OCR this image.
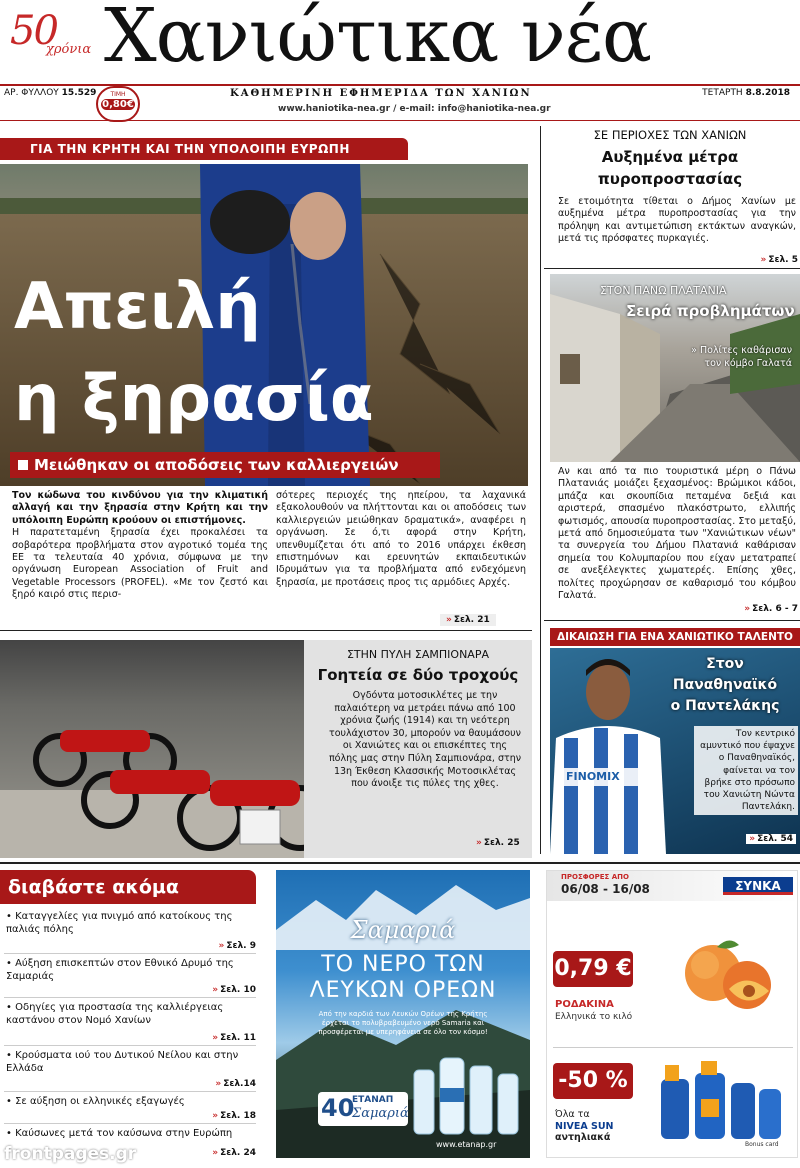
50
χρόνια Χανιώτικα νέα
ΑΡ. ΦΥΛΛΟΥ 15.529	ΤΙΜΗ
0,80€
ΚΑΘΗΜΕΡΙΝΗ ΕΦΗΜΕΡΙΔΑ ΤΩΝ ΧΑΝΙΩΝ
www.haniotika-nea.gr / e-mail: info@haniotika-nea.gr
ΤΕΤΑΡΤΗ 8.8.2018
ΓΙΑ ΤΗΝ ΚΡΗΤΗ ΚΑΙ ΤΗΝ ΥΠΟΛΟΙΠΗ ΕΥΡΩΠΗ
Απειλή
η ξηρασία
Μειώθηκαν οι αποδόσεις των καλλιεργειών

Τον κώδωνα του κινδύνου για την κλιματική αλλαγή και την ξηρασία στην Κρήτη και την υπόλοιπη Ευρώπη κρούουν οι επιστήμονες.

Η παρατεταμένη ξηρασία έχει προκαλέσει τα σοβαρότερα προβλήματα στον αγροτικό τομέα της ΕΕ τα τελευταία 40 χρόνια, σύμφωνα με την οργάνωση European Association of Fruit and Vegetable Processors (PROFEL). «Με τον ζεστό και ξηρό καιρό στις περισ-

σότερες περιοχές της ηπείρου, τα λαχανικά εξακολουθούν να πλήττονται και οι αποδόσεις των καλλιεργειών μειώθηκαν δραματικά», αναφέρει η οργάνωση. Σε ό,τι αφορά στην Κρήτη, υπενθυμίζεται ότι από το 2016 υπάρχει έκθεση επιστημόνων και ερευνητών εκπαιδευτικών Ιδρυμάτων για τα προβλήματα από ενδεχόμενη ξηρασία, με προτάσεις προς τις αρμόδιες Αρχές.

» Σελ. 21
ΣΕ ΠΕΡΙΟΧΕΣ ΤΩΝ ΧΑΝΙΩΝ
Αυξημένα μέτρα
πυροπροστασίας

Σε ετοιμότητα τίθεται ο Δήμος Χανίων με αυξημένα μέτρα πυροπροστασίας για την πρόληψη και αντιμετώπιση εκτάκτων αναγκών, μετά τις πρόσφατες πυρκαγιές.

» Σελ. 5
ΣΤΟΝ ΠΑΝΩ ΠΛΑΤΑΝΙΑ
Σειρά προβλημάτων
» Πολίτες καθάρισαν
τον κόμβο Γαλατά

Αν και από τα πιο τουριστικά μέρη ο Πάνω Πλατανιάς μοιάζει ξεχασμένος: Βρώμικοι κάδοι, μπάζα και σκουπίδια πεταμένα δεξιά και αριστερά, σπασμένο πλακόστρωτο, ελλιπής φωτισμός, απουσία πυροπροστασίας. Στο μεταξύ, μετά από δημοσιεύματα των "Χανιώτικων νέων" τα συνεργεία του Δήμου Πλατανιά καθάρισαν σημεία του Κολυμπαρίου που είχαν μετατραπεί σε ανεξέλεγκτες χωματερές. Επίσης χθες, πολίτες προχώρησαν σε καθαρισμό του κόμβου Γαλατά.

» Σελ. 6 - 7
ΣΤΗΝ ΠΥΛΗ ΣΑΜΠΙΟΝΑΡΑ
Γοητεία σε δύο τροχούς

Ογδόντα μοτοσικλέτες με την παλαιότερη να μετράει πάνω από 100 χρόνια ζωής (1914) και τη νεότερη τουλάχιστον 30, μπορούν να θαυμάσουν οι Χανιώτες και οι επισκέπτες της πόλης μας στην Πύλη Σαμπιονάρα, στην 13η Έκθεση Κλασσικής Μοτοσικλέτας που άνοιξε τις πύλες της χθες.

» Σελ. 25
ΔΙΚΑΙΩΣΗ ΓΙΑ ΕΝΑ ΧΑΝΙΩΤΙΚΟ ΤΑΛΕΝΤΟ
FINOMIX
Στον
Παναθηναϊκό
ο Παντελάκης

Τον κεντρικό αμυντικό που έψαχνε ο Παναθηναϊκός, φαίνεται να τον βρήκε στο πρόσωπο του Χανιώτη Νώντα Παντελάκη.

» Σελ. 54
διαβάστε ακόμα
• Καταγγελίες για πνιγμό από κατοίκους της παλιάς πόλης
» Σελ. 9
• Αύξηση επισκεπτών στον Εθνικό Δρυμό της Σαμαριάς
» Σελ. 10
• Οδηγίες για προστασία της καλλιέργειας καστάνου στον Νομό Χανίων
» Σελ. 11
• Κρούσματα ιού του Δυτικού Νείλου και στην Ελλάδα
» Σελ.14
• Σε αύξηση οι ελληνικές εξαγωγές
» Σελ. 18
• Καύσωνες μετά τον καύσωνα στην Ευρώπη
» Σελ. 24
Σαμαριά
ΤΟ ΝΕΡΟ ΤΩΝ
ΛΕΥΚΩΝ ΟΡΕΩΝ

Από την καρδιά των Λευκών Ορέων της Κρήτης έρχεται το πολυβραβευμένο νερό Samaria και προσφέρεται με υπερηφάνεια σε όλο τον κόσμο!

40
ΕΤΑΝΑΠ
Σαμαριά
www.etanap.gr
ΠΡΟΣΦΟΡΕΣ ΑΠΟ
06/08 - 16/08	ΣΥΝΚΑ
0,79 €
ΡΟΔΑΚΙΝΑ
Ελληνικά το κιλό
-50 %
Όλα τα
NIVEA SUN
αντηλιακά
Bonus card
frontpages.gr
